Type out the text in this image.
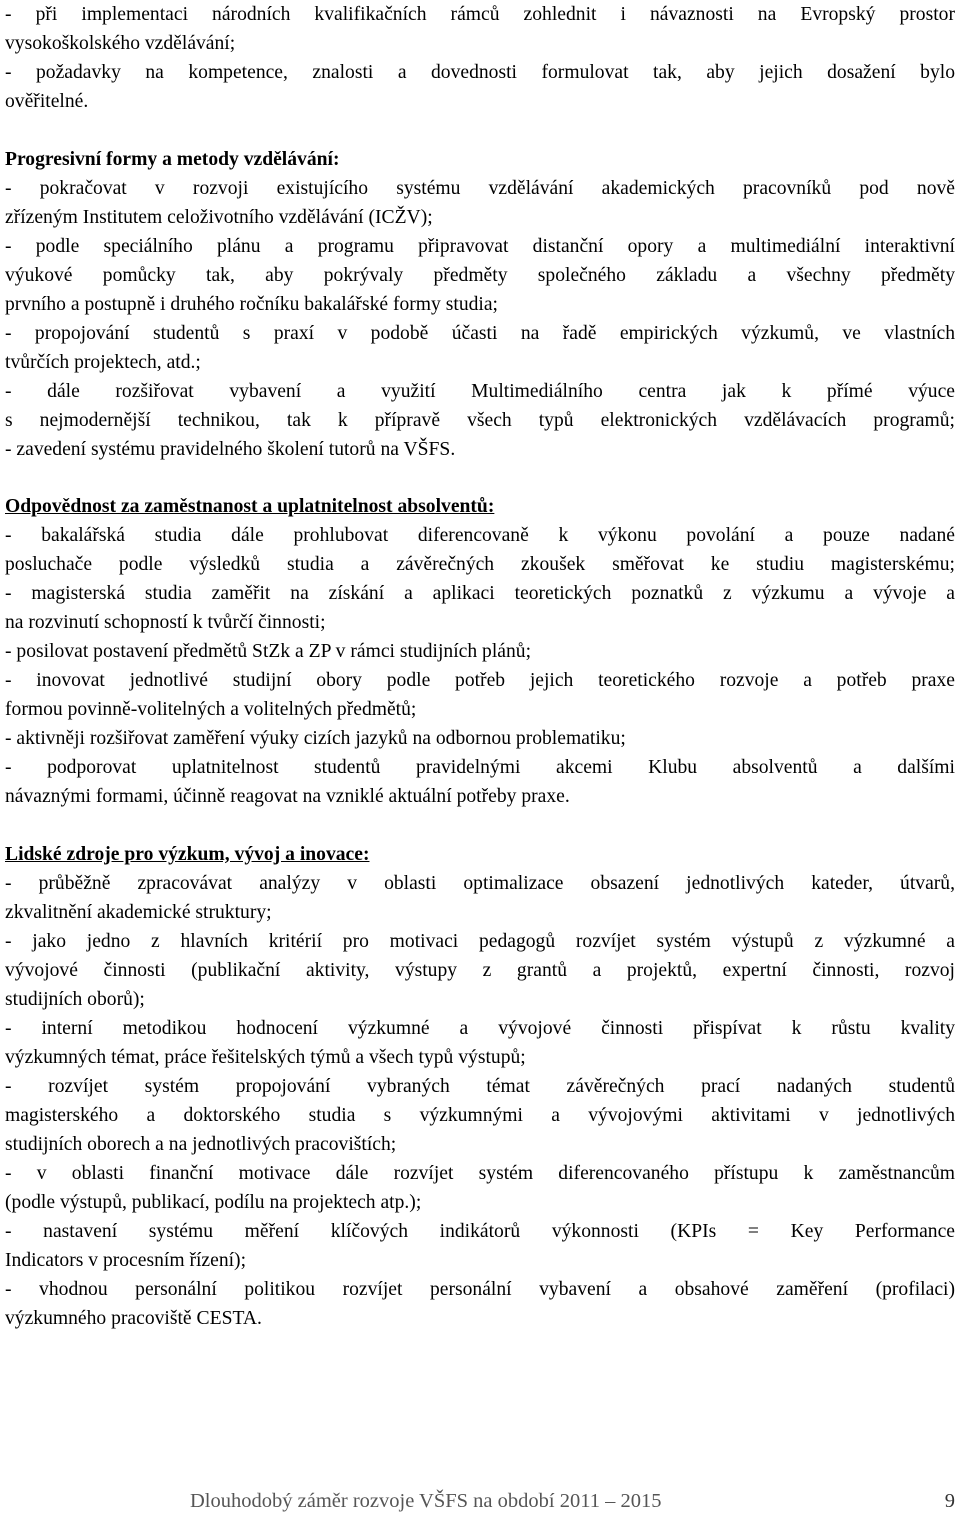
- při implementaci národních kvalifikačních rámců zohlednit i návaznosti na Evropský prostor
vysokoškolského vzdělávání;
- požadavky na kompetence, znalosti a dovednosti formulovat tak, aby jejich dosažení bylo
ověřitelné.
Progresivní formy a metody vzdělávání:
- pokračovat v rozvoji existujícího systému vzdělávání akademických pracovníků pod nově
zřízeným Institutem celoživotního vzdělávání (ICŽV);
- podle speciálního plánu a programu připravovat distanční opory a multimediální interaktivní
výukové pomůcky tak, aby pokrývaly předměty společného základu a všechny předměty
prvního a postupně i druhého ročníku bakalářské formy studia;
- propojování studentů s praxí v podobě účasti na řadě empirických výzkumů, ve vlastních
tvůrčích projektech, atd.;
- dále rozšiřovat vybavení a využití Multimediálního centra jak k přímé výuce
s nejmodernější technikou, tak k přípravě všech typů elektronických vzdělávacích programů;
- zavedení systému pravidelného školení tutorů na VŠFS.
Odpovědnost za zaměstnanost a uplatnitelnost absolventů:
- bakalářská studia dále prohlubovat diferencovaně k výkonu povolání a pouze nadané
posluchače podle výsledků studia a závěrečných zkoušek směřovat ke studiu magisterskému;
- magisterská studia zaměřit na získání a aplikaci teoretických poznatků z výzkumu a vývoje a
na rozvinutí schopností k tvůrčí činnosti;
- posilovat postavení předmětů StZk a ZP v rámci studijních plánů;
- inovovat jednotlivé studijní obory podle potřeb jejich teoretického rozvoje a potřeb praxe
formou povinně-volitelných a volitelných předmětů;
- aktivněji rozšiřovat zaměření výuky cizích jazyků na odbornou problematiku;
- podporovat uplatnitelnost studentů pravidelnými akcemi Klubu absolventů a dalšími
návaznými formami, účinně reagovat na vzniklé aktuální potřeby praxe.
Lidské zdroje pro výzkum, vývoj a inovace:
- průběžně zpracovávat analýzy v oblasti optimalizace obsazení jednotlivých kateder, útvarů,
zkvalitnění akademické struktury;
- jako jedno z hlavních kritérií pro motivaci pedagogů rozvíjet systém výstupů z výzkumné a
vývojové činnosti (publikační aktivity, výstupy z grantů a projektů, expertní činnosti, rozvoj
studijních oborů);
- interní metodikou hodnocení výzkumné a vývojové činnosti přispívat k růstu kvality
výzkumných témat, práce řešitelských týmů a všech typů výstupů;
- rozvíjet systém propojování vybraných témat závěrečných prací nadaných studentů
magisterského a doktorského studia s výzkumnými a vývojovými aktivitami v jednotlivých
studijních oborech a na jednotlivých pracovištích;
- v oblasti finanční motivace dále rozvíjet systém diferencovaného přístupu k zaměstnancům
(podle výstupů, publikací, podílu na projektech atp.);
- nastavení systému měření klíčových indikátorů výkonnosti (KPIs = Key Performance
Indicators v procesním řízení);
- vhodnou personální politikou rozvíjet personální vybavení a obsahové zaměření (profilaci)
výzkumného pracoviště CESTA.
Dlouhodobý záměr rozvoje VŠFS na období 2011 – 2015	9
